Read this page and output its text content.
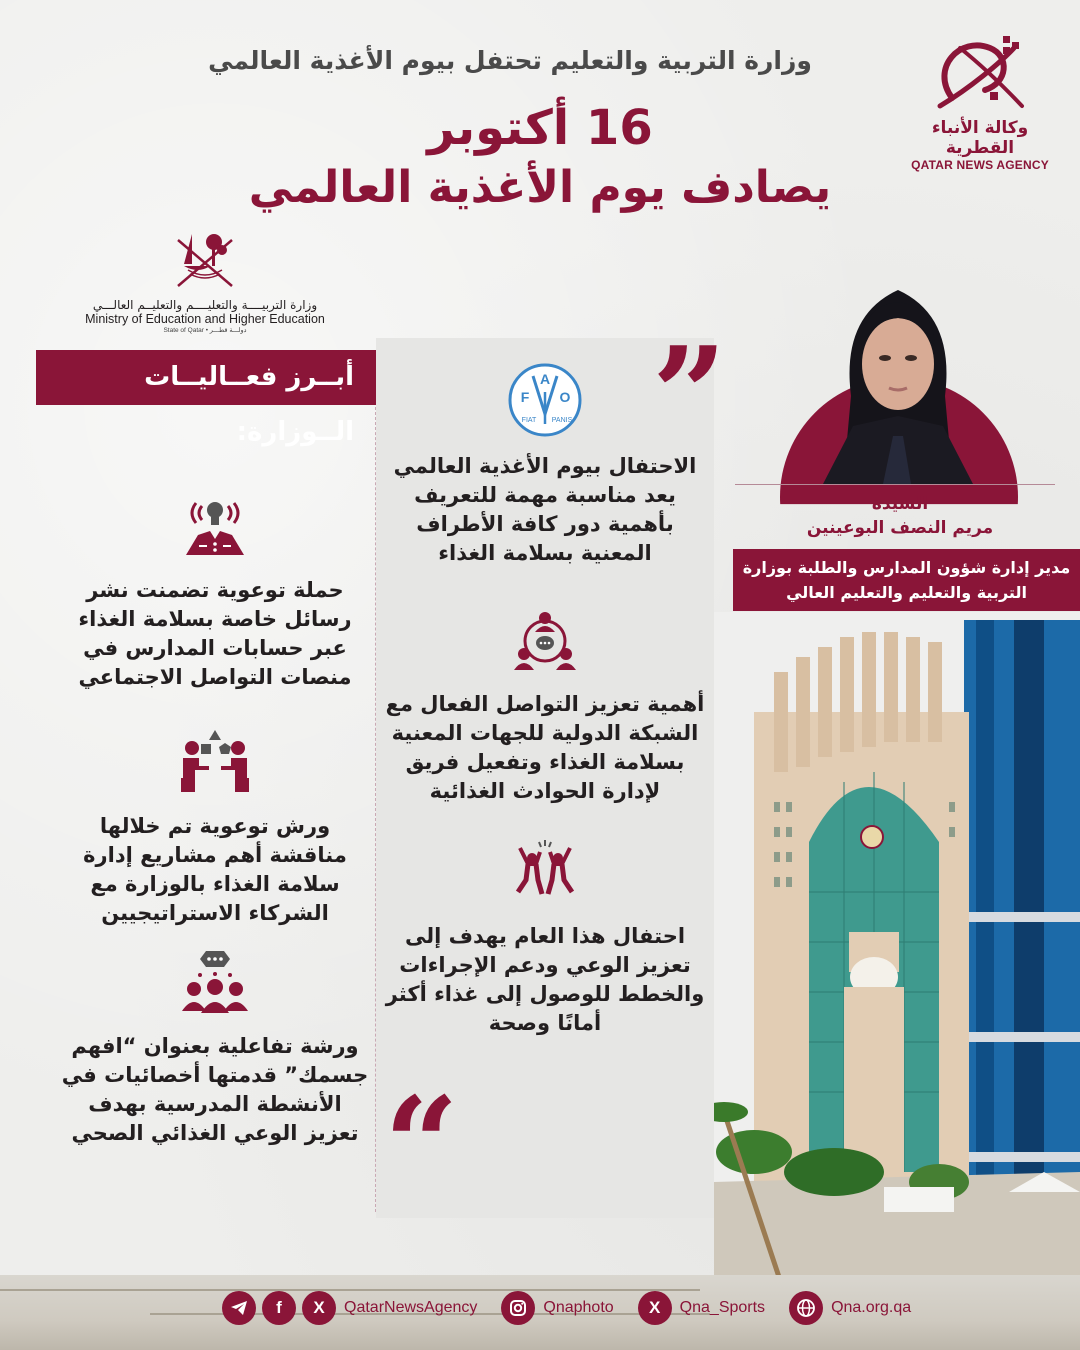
وزارة التربية والتعليم تحتفل بيوم الأغذية العالمي
16 أكتوبر
يصادف يوم الأغذية العالمي
وكالة الأنباء القطرية
QATAR NEWS AGENCY
وزارة التربيــــة والتعليــــم والتعليــم العالـــي
Ministry of Education and Higher Education
State of Qatar • دولـــة قطـــر
أبــرز فعــاليــات الــوزارة:
حملة توعوية تضمنت نشر رسائل خاصة بسلامة الغذاء عبر حسابات المدارس في منصات التواصل الاجتماعي
ورش توعوية تم خلالها مناقشة أهم مشاريع إدارة سلامة الغذاء بالوزارة مع الشركاء الاستراتيجيين
ورشة تفاعلية بعنوان “افهم جسمك” قدمتها أخصائيات في الأنشطة المدرسية بهدف تعزيز الوعي الغذائي الصحي
”
“
A
F O
FIAT PANIS
الاحتفال بيوم الأغذية العالمي يعد مناسبة مهمة للتعريف بأهمية دور كافة الأطراف المعنية بسلامة الغذاء
أهمية تعزيز التواصل الفعال مع الشبكة الدولية للجهات المعنية بسلامة الغذاء وتفعيل فريق لإدارة الحوادث الغذائية
احتفال هذا العام يهدف إلى تعزيز الوعي ودعم الإجراءات والخطط للوصول إلى غذاء أكثر أمانًا وصحة
السيدة
مريم النصف البوعينين
مدير إدارة شؤون المدارس والطلبة بوزارة التربية والتعليم والتعليم العالي
f	X	QatarNewsAgency	Qnaphoto	X	Qna_Sports	Qna.org.qa
